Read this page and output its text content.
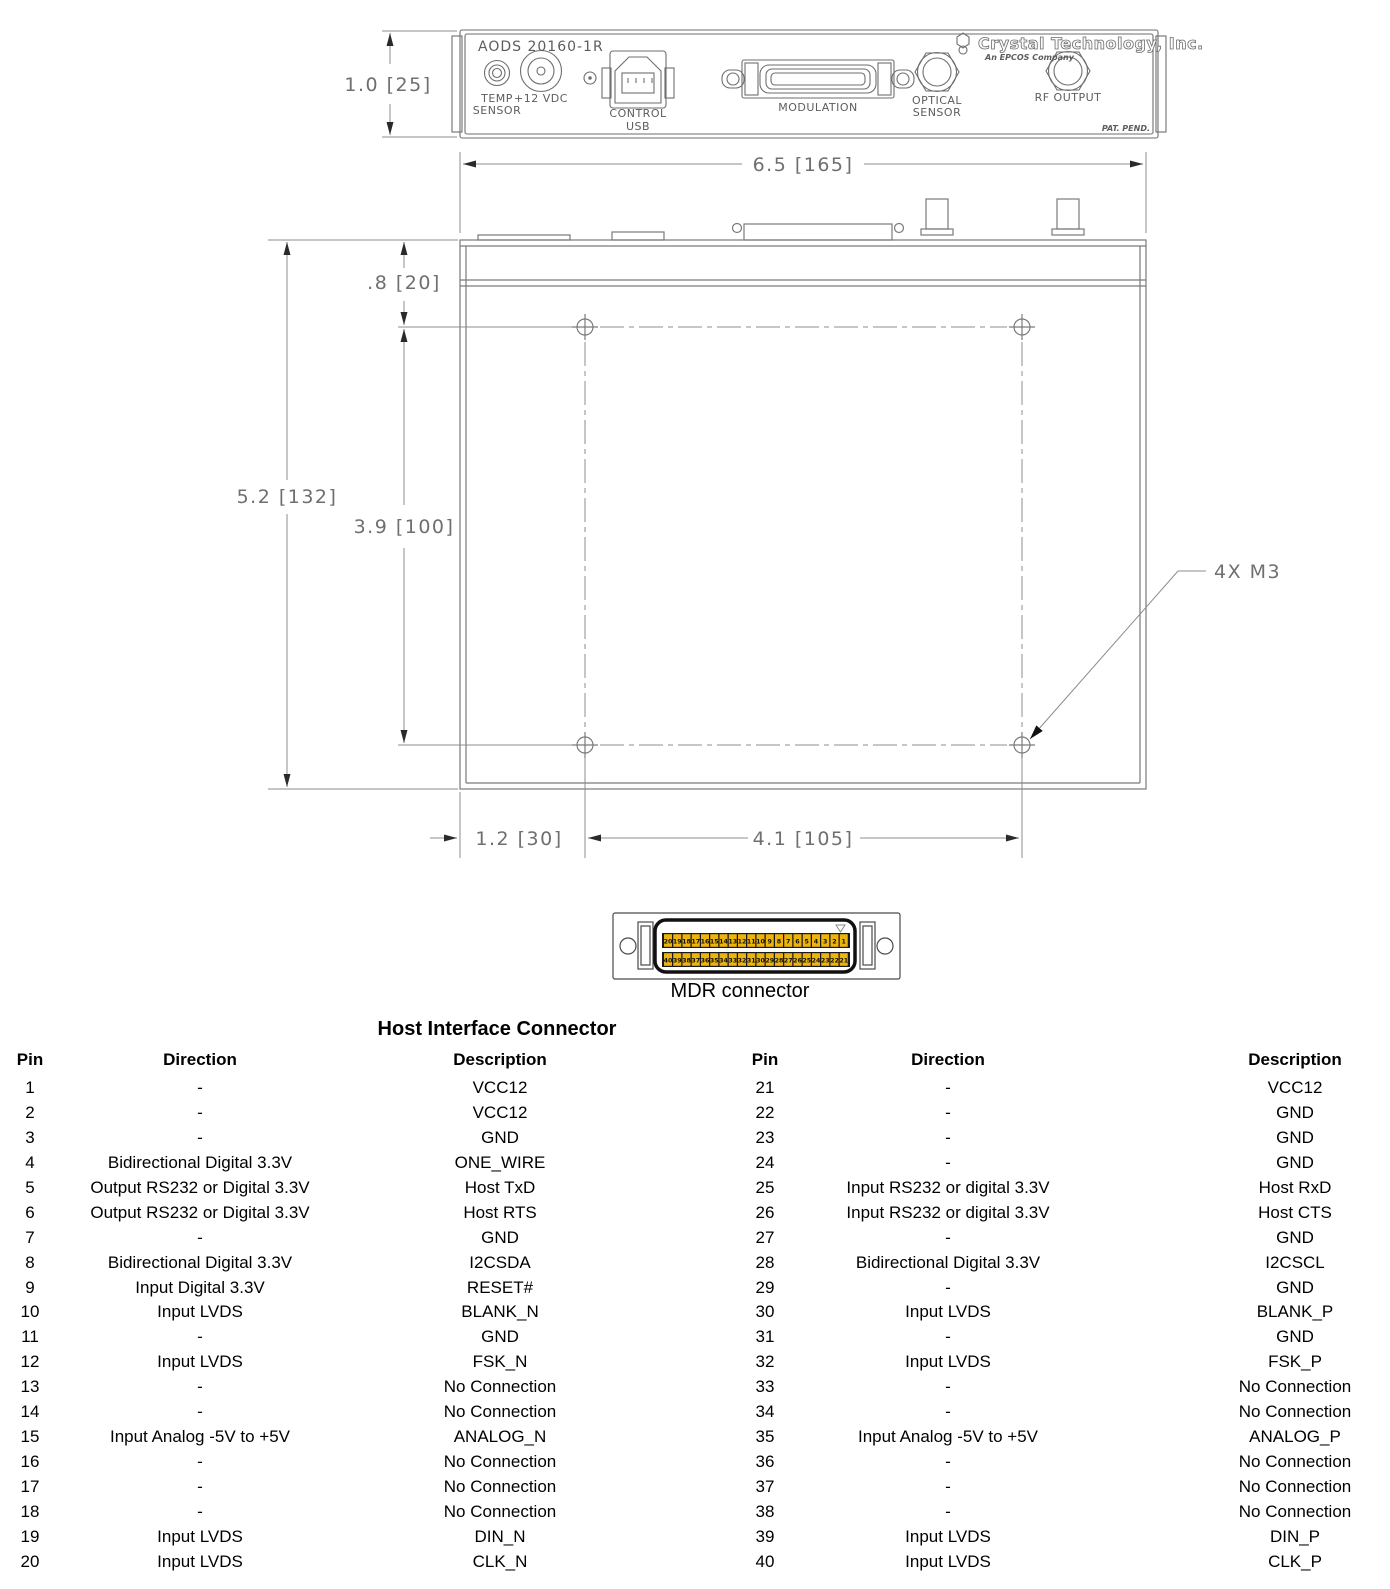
AODS 20160-1R
TEMP
SENSOR
+12 VDC
CONTROL
USB
MODULATION
OPTICAL
SENSOR
RF OUTPUT
Crystal Technology, Inc.
An EPCOS Company
PAT. PEND.
1.0 [25]
6.5 [165]
5.2 [132]
.8 [20]
3.9 [100]
1.2 [30]	4.1 [105]
4X M3
20 19 18 17 16 15 14 13 12 11 10 9 8 7 6 5 4 3 2 1
40 39 38 37 36 35 34 33 32 31 30 29 28 27 26 25 24 23 22 21
MDR connector
Host Interface Connector
Pin	Direction	Description
1	-	VCC12
2	-	VCC12
3	-	GND
4	Bidirectional Digital 3.3V	ONE_WIRE
5	Output RS232 or Digital 3.3V	Host TxD
6	Output RS232 or Digital 3.3V	Host RTS
7	-	GND
8	Bidirectional Digital 3.3V	I2CSDA
9	Input Digital 3.3V	RESET#
10	Input LVDS	BLANK_N
11	-	GND
12	Input LVDS	FSK_N
13	-	No Connection
14	-	No Connection
15	Input Analog -5V to +5V	ANALOG_N
16	-	No Connection
17	-	No Connection
18	-	No Connection
19	Input LVDS	DIN_N
20	Input LVDS	CLK_N
Pin	Direction	Description
21	-	VCC12
22	-	GND
23	-	GND
24	-	GND
25	Input RS232 or digital 3.3V	Host RxD
26	Input RS232 or digital 3.3V	Host CTS
27	-	GND
28	Bidirectional Digital 3.3V	I2CSCL
29	-	GND
30	Input LVDS	BLANK_P
31	-	GND
32	Input LVDS	FSK_P
33	-	No Connection
34	-	No Connection
35	Input Analog -5V to +5V	ANALOG_P
36	-	No Connection
37	-	No Connection
38	-	No Connection
39	Input LVDS	DIN_P
40	Input LVDS	CLK_P
